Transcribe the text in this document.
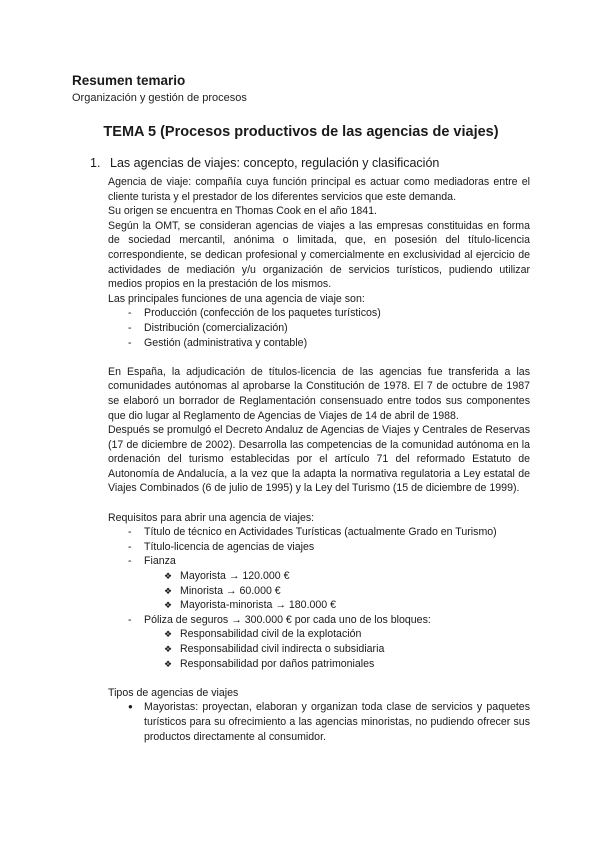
Resumen temario
Organización y gestión de procesos
TEMA 5 (Procesos productivos de las agencias de viajes)
1. Las agencias de viajes: concepto, regulación y clasificación

Agencia de viaje: compañía cuya función principal es actuar como mediadoras entre el cliente turista y el prestador de los diferentes servicios que este demanda.

Su origen se encuentra en Thomas Cook en el año 1841.

Según la OMT, se consideran agencias de viajes a las empresas constituidas en forma de sociedad mercantil, anónima o limitada, que, en posesión del título-licencia correspondiente, se dedican profesional y comercialmente en exclusividad al ejercicio de actividades de mediación y/u organización de servicios turísticos, pudiendo utilizar medios propios en la prestación de los mismos.

Las principales funciones de una agencia de viaje son:

- Producción (confección de los paquetes turísticos)
- Distribución (comercialización)
- Gestión (administrativa y contable)

En España, la adjudicación de títulos-licencia de las agencias fue transferida a las comunidades autónomas al aprobarse la Constitución de 1978. El 7 de octubre de 1987 se elaboró un borrador de Reglamentación consensuado entre todos sus componentes que dio lugar al Reglamento de Agencias de Viajes de 14 de abril de 1988.

Después se promulgó el Decreto Andaluz de Agencias de Viajes y Centrales de Reservas (17 de diciembre de 2002). Desarrolla las competencias de la comunidad autónoma en la ordenación del turismo establecidas por el artículo 71 del reformado Estatuto de Autonomía de Andalucía, a la vez que la adapta la normativa regulatoria a Ley estatal de Viajes Combinados (6 de julio de 1995) y la Ley del Turismo (15 de diciembre de 1999).

Requisitos para abrir una agencia de viajes:

- Título de técnico en Actividades Turísticas (actualmente Grado en Turismo)
- Título-licencia de agencias de viajes
- Fianza
❖ Mayorista → 120.000 €
❖ Minorista → 60.000 €
❖ Mayorista-minorista → 180.000 €
- Póliza de seguros → 300.000 € por cada uno de los bloques:
❖ Responsabilidad civil de la explotación
❖ Responsabilidad civil indirecta o subsidiaria
❖ Responsabilidad por daños patrimoniales

Tipos de agencias de viajes

● Mayoristas: proyectan, elaboran y organizan toda clase de servicios y paquetes turísticos para su ofrecimiento a las agencias minoristas, no pudiendo ofrecer sus productos directamente al consumidor.
